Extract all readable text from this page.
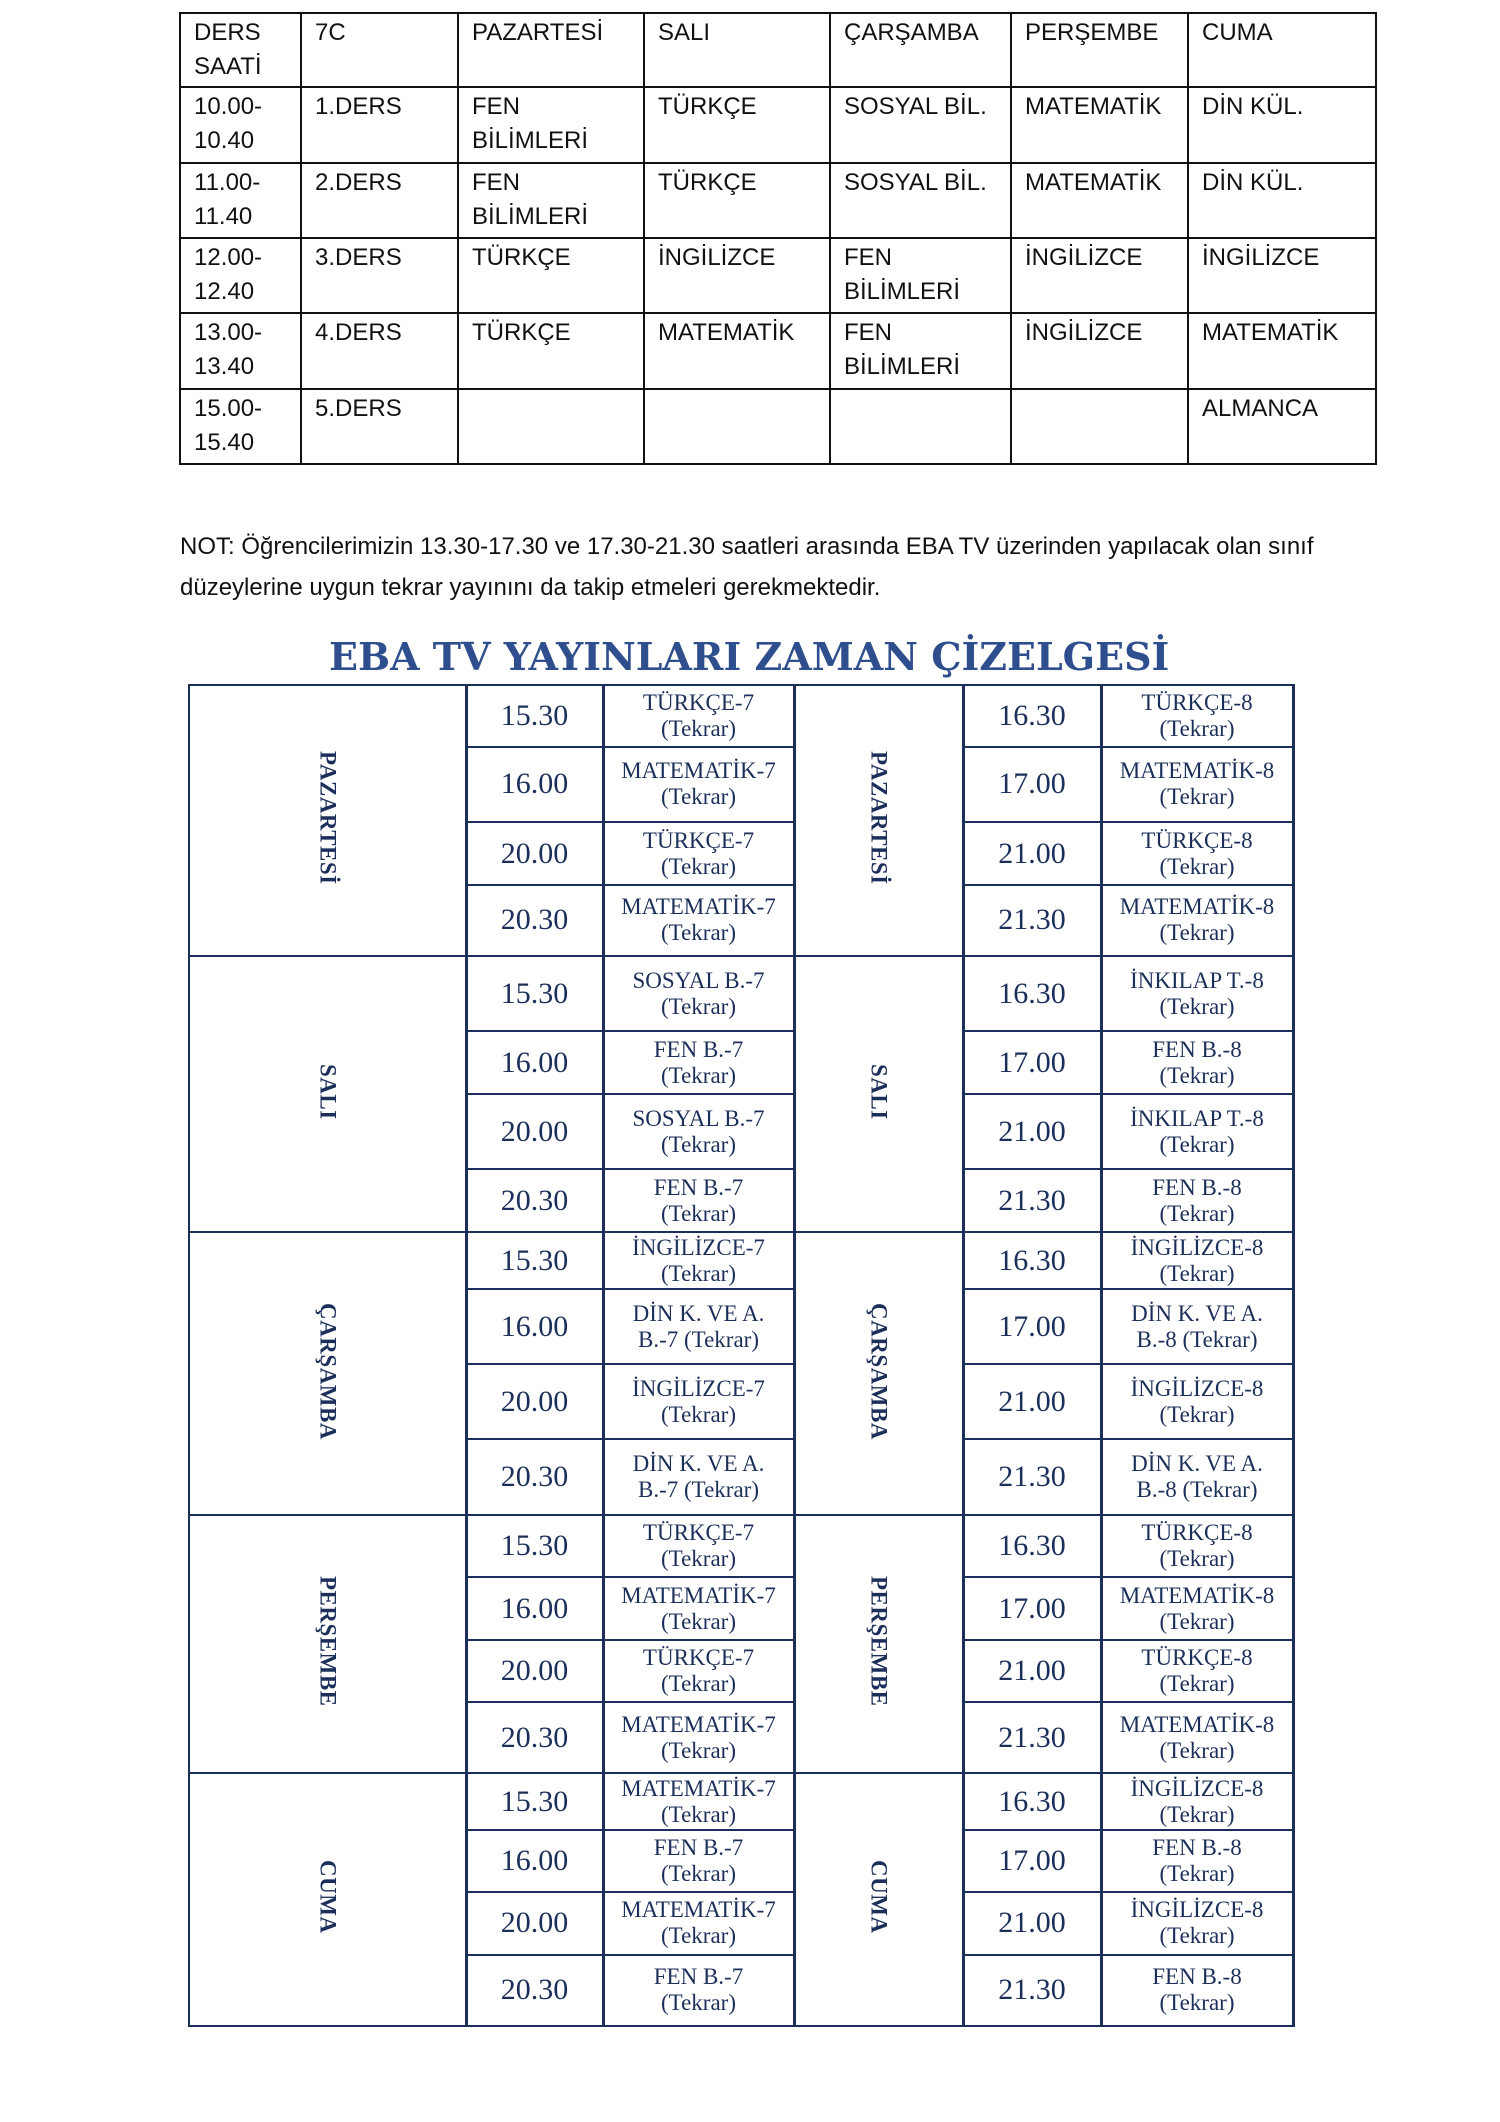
DERS SAATİ	7C	PAZARTESİ	SALI	ÇARŞAMBA	PERŞEMBE	CUMA
10.00-10.40	1.DERS	FEN BİLİMLERİ	TÜRKÇE	SOSYAL BİL.	MATEMATİK	DİN KÜL.
11.00-11.40	2.DERS	FEN BİLİMLERİ	TÜRKÇE	SOSYAL BİL.	MATEMATİK	DİN KÜL.
12.00-12.40	3.DERS	TÜRKÇE	İNGİLİZCE	FEN BİLİMLERİ	İNGİLİZCE	İNGİLİZCE
13.00-13.40	4.DERS	TÜRKÇE	MATEMATİK	FEN BİLİMLERİ	İNGİLİZCE	MATEMATİK
15.00-15.40	5.DERS					ALMANCA

NOT: Öğrencilerimizin 13.30-17.30 ve 17.30-21.30 saatleri arasında EBA TV üzerinden yapılacak olan sınıf düzeylerine uygun tekrar yayınını da takip etmeleri gerekmektedir.

EBA TV YAYINLARI ZAMAN ÇİZELGESİ
PAZARTESİ	15.30	TÜRKÇE-7
(Tekrar)	PAZARTESİ	16.30	TÜRKÇE-8
(Tekrar)

	16.00	MATEMATİK-7
(Tekrar)		17.00	MATEMATİK-8
(Tekrar)

	20.00	TÜRKÇE-7
(Tekrar)		21.00	TÜRKÇE-8
(Tekrar)

	20.30	MATEMATİK-7
(Tekrar)		21.30	MATEMATİK-8
(Tekrar)

SALI	15.30	SOSYAL B.-7
(Tekrar)	SALI	16.30	İNKILAP T.-8
(Tekrar)

	16.00	FEN B.-7
(Tekrar)		17.00	FEN B.-8
(Tekrar)

	20.00	SOSYAL B.-7
(Tekrar)		21.00	İNKILAP T.-8
(Tekrar)

	20.30	FEN B.-7
(Tekrar)		21.30	FEN B.-8
(Tekrar)

ÇARŞAMBA	15.30	İNGİLİZCE-7
(Tekrar)	ÇARŞAMBA	16.30	İNGİLİZCE-8
(Tekrar)

	16.00	DİN K. VE A.
B.-7 (Tekrar)		17.00	DİN K. VE A.
B.-8 (Tekrar)

	20.00	İNGİLİZCE-7
(Tekrar)		21.00	İNGİLİZCE-8
(Tekrar)

	20.30	DİN K. VE A.
B.-7 (Tekrar)		21.30	DİN K. VE A.
B.-8 (Tekrar)

PERŞEMBE	15.30	TÜRKÇE-7
(Tekrar)	PERŞEMBE	16.30	TÜRKÇE-8
(Tekrar)

	16.00	MATEMATİK-7
(Tekrar)		17.00	MATEMATİK-8
(Tekrar)

	20.00	TÜRKÇE-7
(Tekrar)		21.00	TÜRKÇE-8
(Tekrar)

	20.30	MATEMATİK-7
(Tekrar)		21.30	MATEMATİK-8
(Tekrar)

CUMA	15.30	MATEMATİK-7
(Tekrar)	CUMA	16.30	İNGİLİZCE-8
(Tekrar)

	16.00	FEN B.-7
(Tekrar)		17.00	FEN B.-8
(Tekrar)

	20.00	MATEMATİK-7
(Tekrar)		21.00	İNGİLİZCE-8
(Tekrar)

	20.30	FEN B.-7
(Tekrar)		21.30	FEN B.-8
(Tekrar)
